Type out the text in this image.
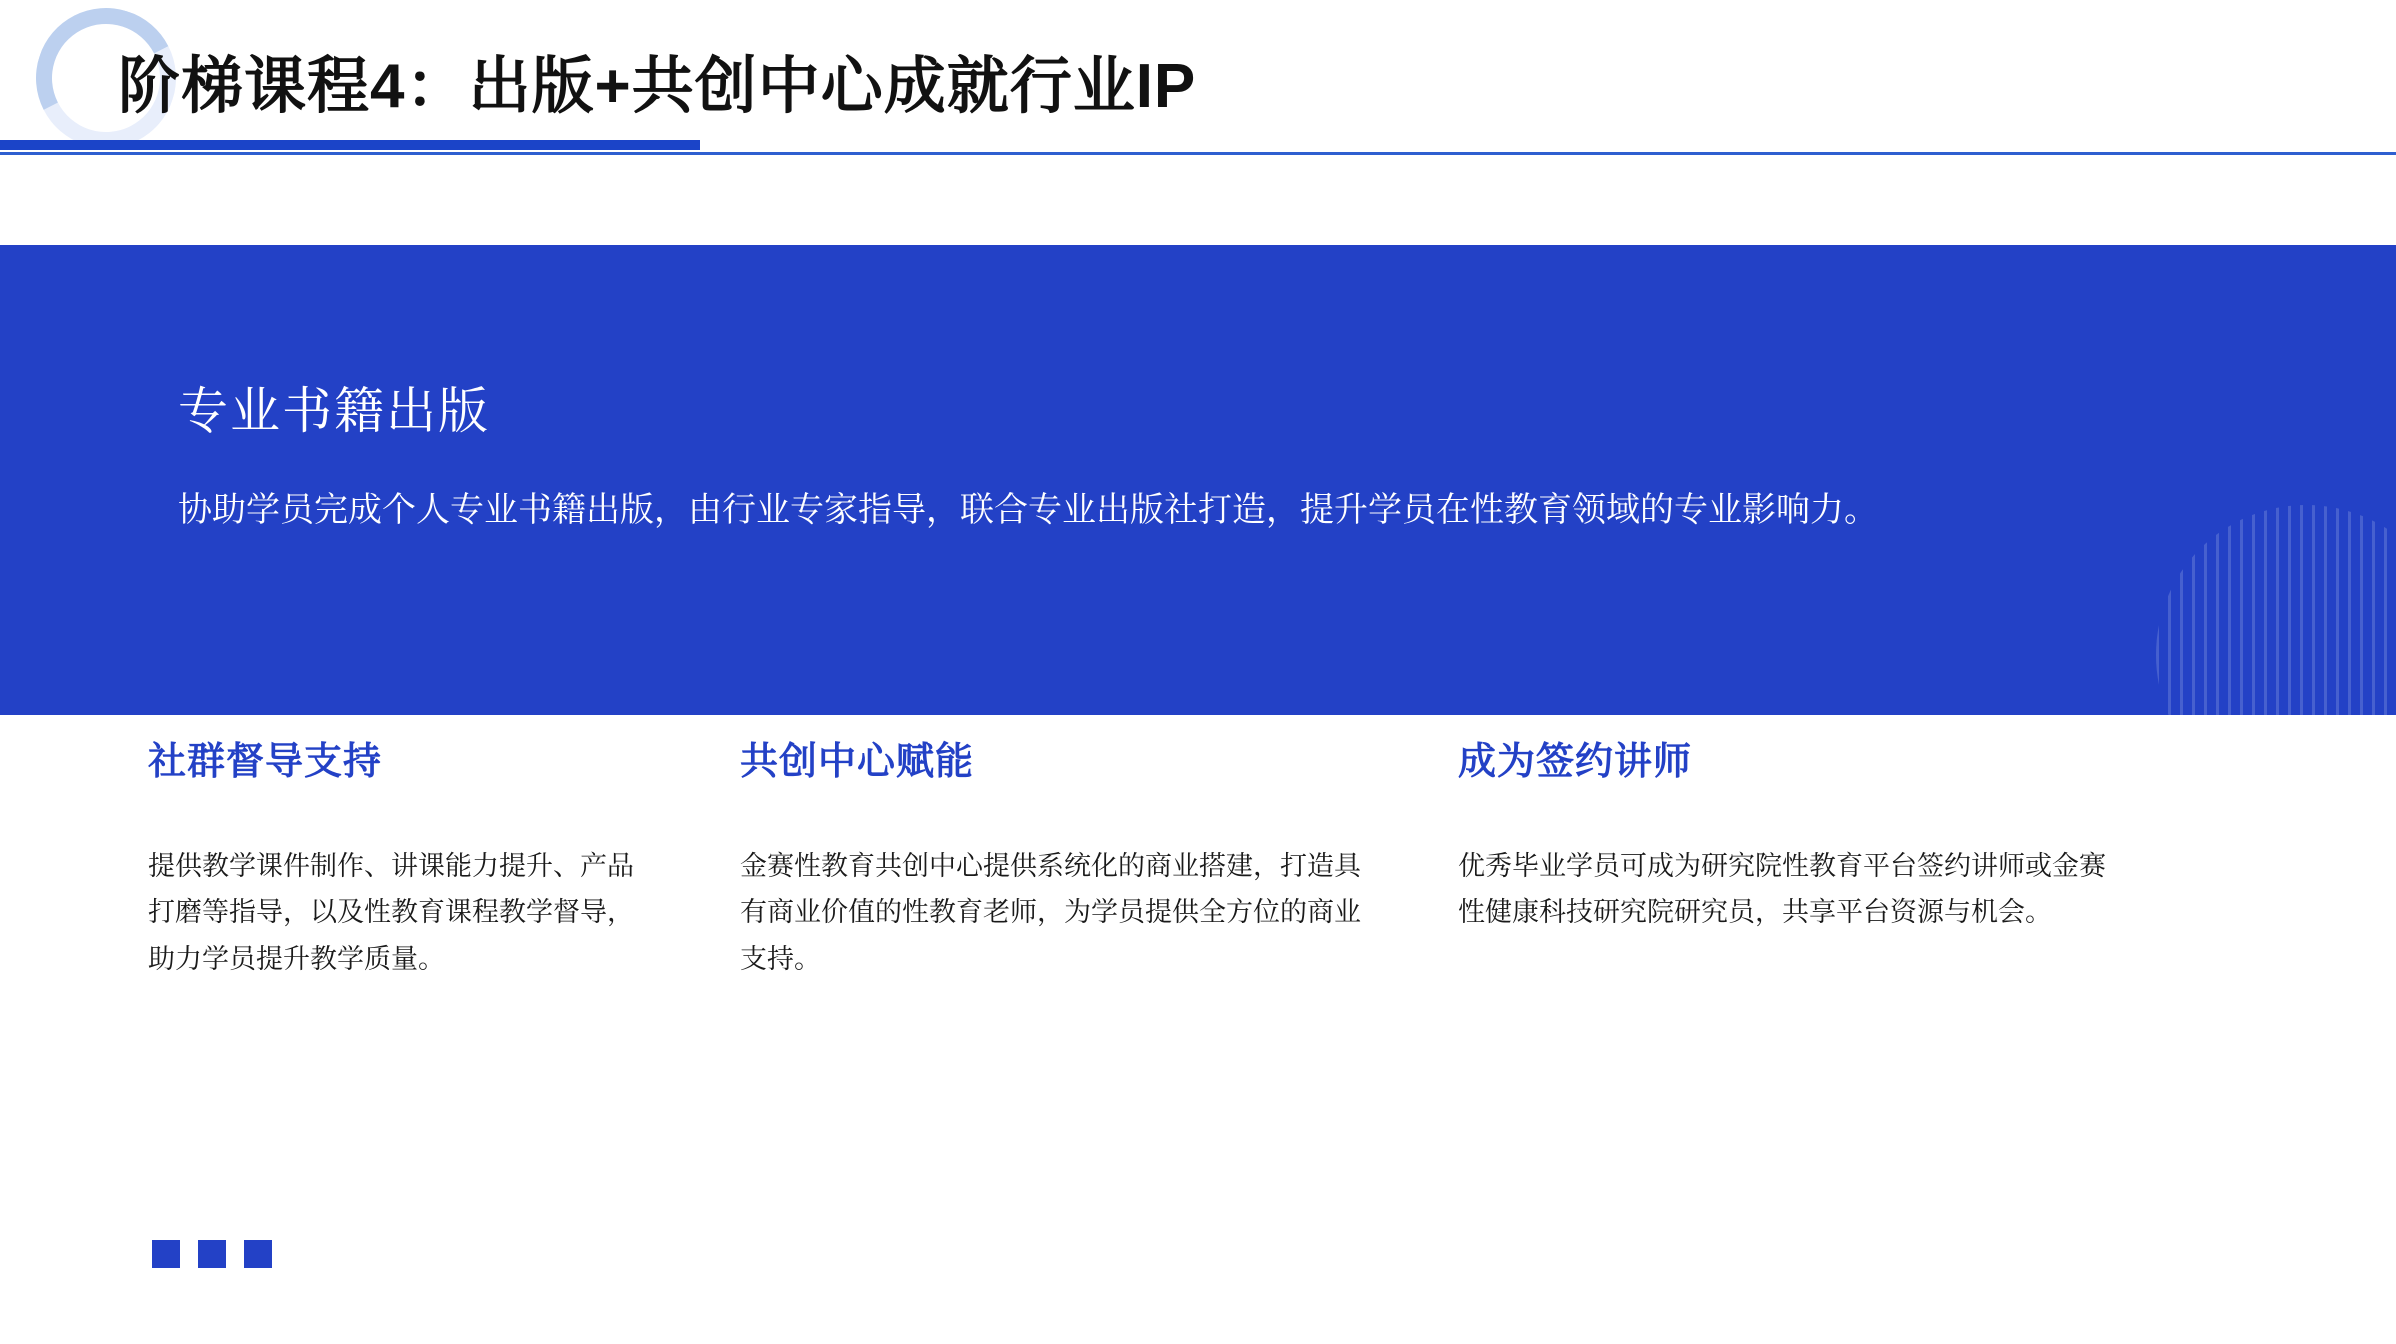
阶梯课程4：出版+共创中心成就行业IP
专业书籍出版

协助学员完成个人专业书籍出版，由行业专家指导，联合专业出版社打造，提升学员在性教育领域的专业影响力。

社群督导支持

提供教学课件制作、讲课能力提升、产品打磨等指导，以及性教育课程教学督导，助力学员提升教学质量。

共创中心赋能

金赛性教育共创中心提供系统化的商业搭建，打造具有商业价值的性教育老师，为学员提供全方位的商业支持。

成为签约讲师

优秀毕业学员可成为研究院性教育平台签约讲师或金赛性健康科技研究院研究员，共享平台资源与机会。
